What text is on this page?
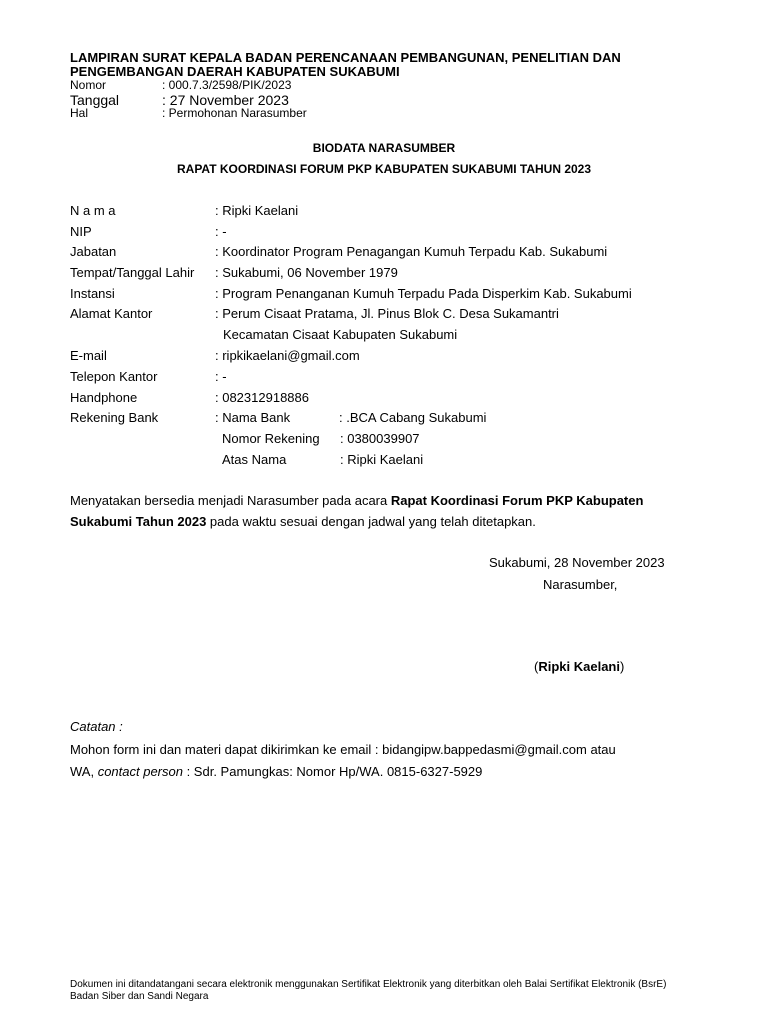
LAMPIRAN SURAT KEPALA BADAN PERENCANAAN PEMBANGUNAN, PENELITIAN DAN PENGEMBANGAN DAERAH KABUPATEN SUKABUMI
Nomor	: 000.7.3/2598/PIK/2023
Tanggal	: 27 November 2023
Hal	: Permohonan Narasumber
BIODATA NARASUMBER
RAPAT KOORDINASI FORUM PKP KABUPATEN SUKABUMI TAHUN 2023
N a m a	: Ripki Kaelani
NIP	: -
Jabatan	: Koordinator Program Penagangan Kumuh Terpadu Kab. Sukabumi
Tempat/Tanggal Lahir	: Sukabumi, 06 November 1979
Instansi	: Program Penanganan Kumuh Terpadu Pada Disperkim Kab. Sukabumi
Alamat Kantor	: Perum Cisaat Pratama, Jl. Pinus Blok C. Desa Sukamantri
Kecamatan Cisaat Kabupaten Sukabumi
E-mail	: ripkikaelani@gmail.com
Telepon Kantor	: -
Handphone	: 082312918886
Rekening Bank	: Nama Bank	: .BCA Cabang Sukabumi
Nomor Rekening	: 0380039907
Atas Nama	: Ripki Kaelani
Menyatakan bersedia menjadi Narasumber pada acara Rapat Koordinasi Forum PKP Kabupaten
Sukabumi Tahun 2023 pada waktu sesuai dengan jadwal yang telah ditetapkan.
Sukabumi, 28 November 2023
Narasumber,
(Ripki Kaelani)
Catatan :
Mohon form ini dan materi dapat dikirimkan ke email : bidangipw.bappedasmi@gmail.com atau
WA, contact person : Sdr. Pamungkas: Nomor Hp/WA. 0815-6327-5929
Dokumen ini ditandatangani secara elektronik menggunakan Sertifikat Elektronik yang diterbitkan oleh Balai Sertifikat Elektronik (BsrE) Badan Siber dan Sandi Negara
